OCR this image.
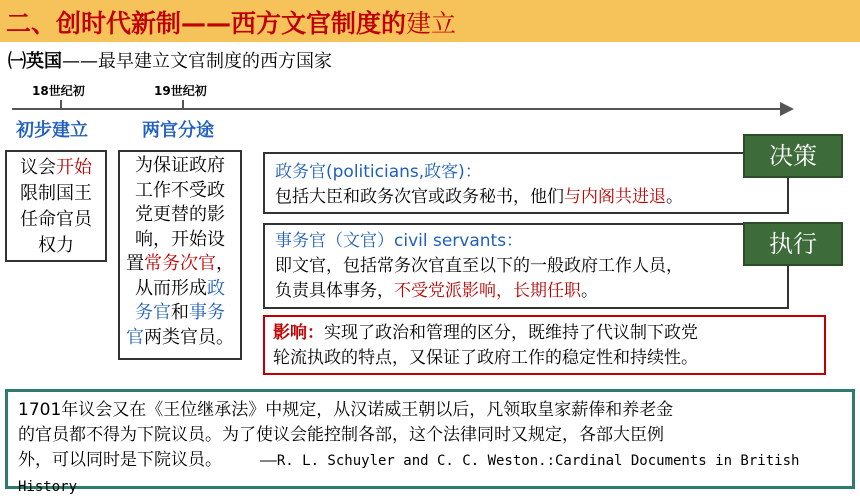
二、创时代新制——西方文官制度的建立
㈠英国——最早建立文官制度的西方国家
18世纪初	19世纪初
初步建立	两官分途
议会开始
限制国王
任命官员
权力
为保证政府
工作不受政
党更替的影
响，开始设
置常务次官，
从而形成政
务官和事务
官两类官员。
政务官(politicians,政客)：
包括大臣和政务次官或政务秘书，他们与内阁共进退。
事务官（文官）civil servants：
即文官，包括常务次官直至以下的一般政府工作人员，
负责具体事务，不受党派影响，长期任职。
决策
执行
影响：实现了政治和管理的区分，既维持了代议制下政党
轮流执政的特点，又保证了政府工作的稳定性和持续性。
1701年议会又在《王位继承法》中规定，从汉诺威王朝以后，凡领取皇家薪俸和养老金
的官员都不得为下院议员。为了使议会能控制各部，这个法律同时又规定，各部大臣例
外，可以同时是下院议员。	——R. L. Schuyler and C. C. Weston.:Cardinal Documents in British History
